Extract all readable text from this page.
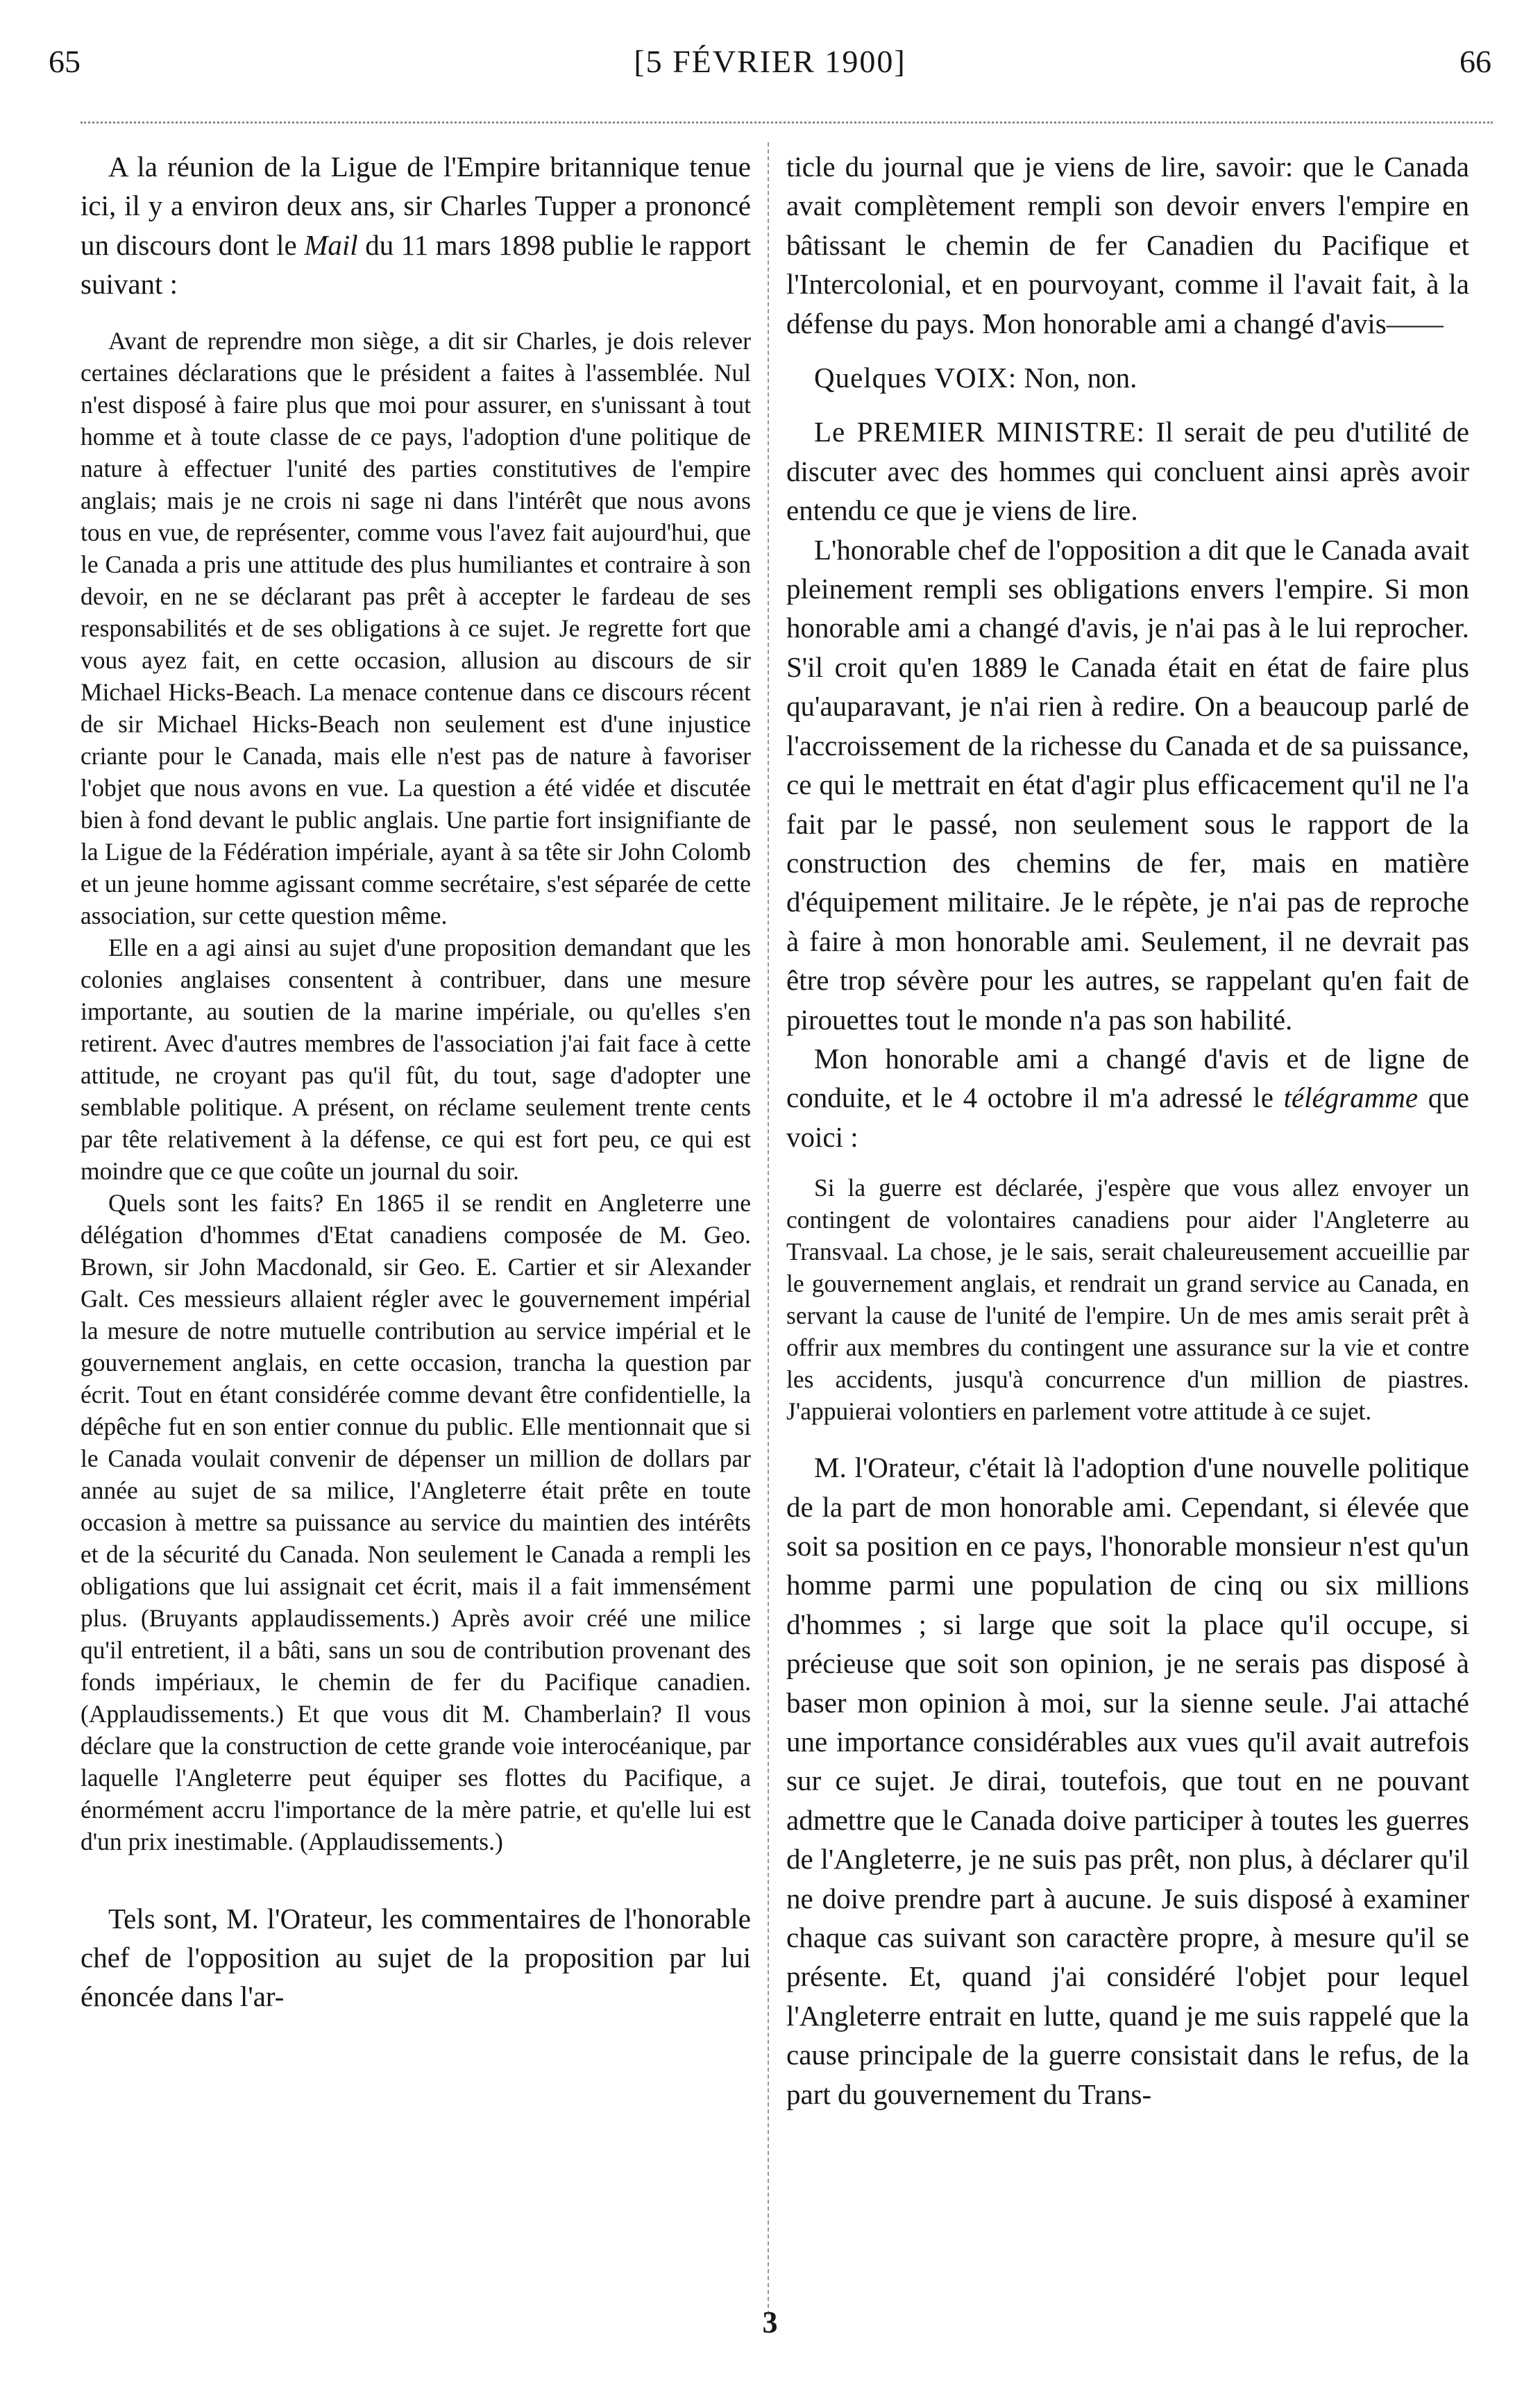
65	[5 FÉVRIER 1900]	66

A la réunion de la Ligue de l'Empire britannique tenue ici, il y a environ deux ans, sir Charles Tupper a prononcé un discours dont le Mail du 11 mars 1898 publie le rapport suivant :

Avant de reprendre mon siège, a dit sir Charles, je dois relever certaines déclarations que le président a faites à l'assemblée. Nul n'est disposé à faire plus que moi pour assurer, en s'unissant à tout homme et à toute classe de ce pays, l'adoption d'une politique de nature à effectuer l'unité des parties constitutives de l'empire anglais; mais je ne crois ni sage ni dans l'intérêt que nous avons tous en vue, de représenter, comme vous l'avez fait aujourd'hui, que le Canada a pris une attitude des plus humiliantes et contraire à son devoir, en ne se déclarant pas prêt à accepter le fardeau de ses responsabilités et de ses obligations à ce sujet. Je regrette fort que vous ayez fait, en cette occasion, allusion au discours de sir Michael Hicks-Beach. La menace contenue dans ce discours récent de sir Michael Hicks-Beach non seulement est d'une injustice criante pour le Canada, mais elle n'est pas de nature à favoriser l'objet que nous avons en vue. La question a été vidée et discutée bien à fond devant le public anglais. Une partie fort insignifiante de la Ligue de la Fédération impériale, ayant à sa tête sir John Colomb et un jeune homme agissant comme secrétaire, s'est séparée de cette association, sur cette question même.

Elle en a agi ainsi au sujet d'une proposition demandant que les colonies anglaises consentent à contribuer, dans une mesure importante, au soutien de la marine impériale, ou qu'elles s'en retirent. Avec d'autres membres de l'association j'ai fait face à cette attitude, ne croyant pas qu'il fût, du tout, sage d'adopter une semblable politique. A présent, on réclame seulement trente cents par tête relativement à la défense, ce qui est fort peu, ce qui est moindre que ce que coûte un journal du soir.

Quels sont les faits? En 1865 il se rendit en Angleterre une délégation d'hommes d'Etat canadiens composée de M. Geo. Brown, sir John Macdonald, sir Geo. E. Cartier et sir Alexander Galt. Ces messieurs allaient régler avec le gouvernement impérial la mesure de notre mutuelle contribution au service impérial et le gouvernement anglais, en cette occasion, trancha la question par écrit. Tout en étant considérée comme devant être confidentielle, la dépêche fut en son entier connue du public. Elle mentionnait que si le Canada voulait convenir de dépenser un million de dollars par année au sujet de sa milice, l'Angleterre était prête en toute occasion à mettre sa puissance au service du maintien des intérêts et de la sécurité du Canada. Non seulement le Canada a rempli les obligations que lui assignait cet écrit, mais il a fait immensément plus. (Bruyants applaudissements.) Après avoir créé une milice qu'il entretient, il a bâti, sans un sou de contribution provenant des fonds impériaux, le chemin de fer du Pacifique canadien. (Applaudissements.) Et que vous dit M. Chamberlain? Il vous déclare que la construction de cette grande voie interocéanique, par laquelle l'Angleterre peut équiper ses flottes du Pacifique, a énormément accru l'importance de la mère patrie, et qu'elle lui est d'un prix inestimable. (Applaudissements.)

Tels sont, M. l'Orateur, les commentaires de l'honorable chef de l'opposition au sujet de la proposition par lui énoncée dans l'ar-

ticle du journal que je viens de lire, savoir: que le Canada avait complètement rempli son devoir envers l'empire en bâtissant le chemin de fer Canadien du Pacifique et l'Intercolonial, et en pourvoyant, comme il l'avait fait, à la défense du pays. Mon honorable ami a changé d'avis——

Quelques VOIX: Non, non.

Le PREMIER MINISTRE: Il serait de peu d'utilité de discuter avec des hommes qui concluent ainsi après avoir entendu ce que je viens de lire.

L'honorable chef de l'opposition a dit que le Canada avait pleinement rempli ses obligations envers l'empire. Si mon honorable ami a changé d'avis, je n'ai pas à le lui reprocher. S'il croit qu'en 1889 le Canada était en état de faire plus qu'auparavant, je n'ai rien à redire. On a beaucoup parlé de l'accroissement de la richesse du Canada et de sa puissance, ce qui le mettrait en état d'agir plus efficacement qu'il ne l'a fait par le passé, non seulement sous le rapport de la construction des chemins de fer, mais en matière d'équipement militaire. Je le répète, je n'ai pas de reproche à faire à mon honorable ami. Seulement, il ne devrait pas être trop sévère pour les autres, se rappelant qu'en fait de pirouettes tout le monde n'a pas son habilité.

Mon honorable ami a changé d'avis et de ligne de conduite, et le 4 octobre il m'a adressé le télégramme que voici :

Si la guerre est déclarée, j'espère que vous allez envoyer un contingent de volontaires canadiens pour aider l'Angleterre au Transvaal. La chose, je le sais, serait chaleureusement accueillie par le gouvernement anglais, et rendrait un grand service au Canada, en servant la cause de l'unité de l'empire. Un de mes amis serait prêt à offrir aux membres du contingent une assurance sur la vie et contre les accidents, jusqu'à concurrence d'un million de piastres. J'appuierai volontiers en parlement votre attitude à ce sujet.

M. l'Orateur, c'était là l'adoption d'une nouvelle politique de la part de mon honorable ami. Cependant, si élevée que soit sa position en ce pays, l'honorable monsieur n'est qu'un homme parmi une population de cinq ou six millions d'hommes ; si large que soit la place qu'il occupe, si précieuse que soit son opinion, je ne serais pas disposé à baser mon opinion à moi, sur la sienne seule. J'ai attaché une importance considérables aux vues qu'il avait autrefois sur ce sujet. Je dirai, toutefois, que tout en ne pouvant admettre que le Canada doive participer à toutes les guerres de l'Angleterre, je ne suis pas prêt, non plus, à déclarer qu'il ne doive prendre part à aucune. Je suis disposé à examiner chaque cas suivant son caractère propre, à mesure qu'il se présente. Et, quand j'ai considéré l'objet pour lequel l'Angleterre entrait en lutte, quand je me suis rappelé que la cause principale de la guerre consistait dans le refus, de la part du gouvernement du Trans-

3
